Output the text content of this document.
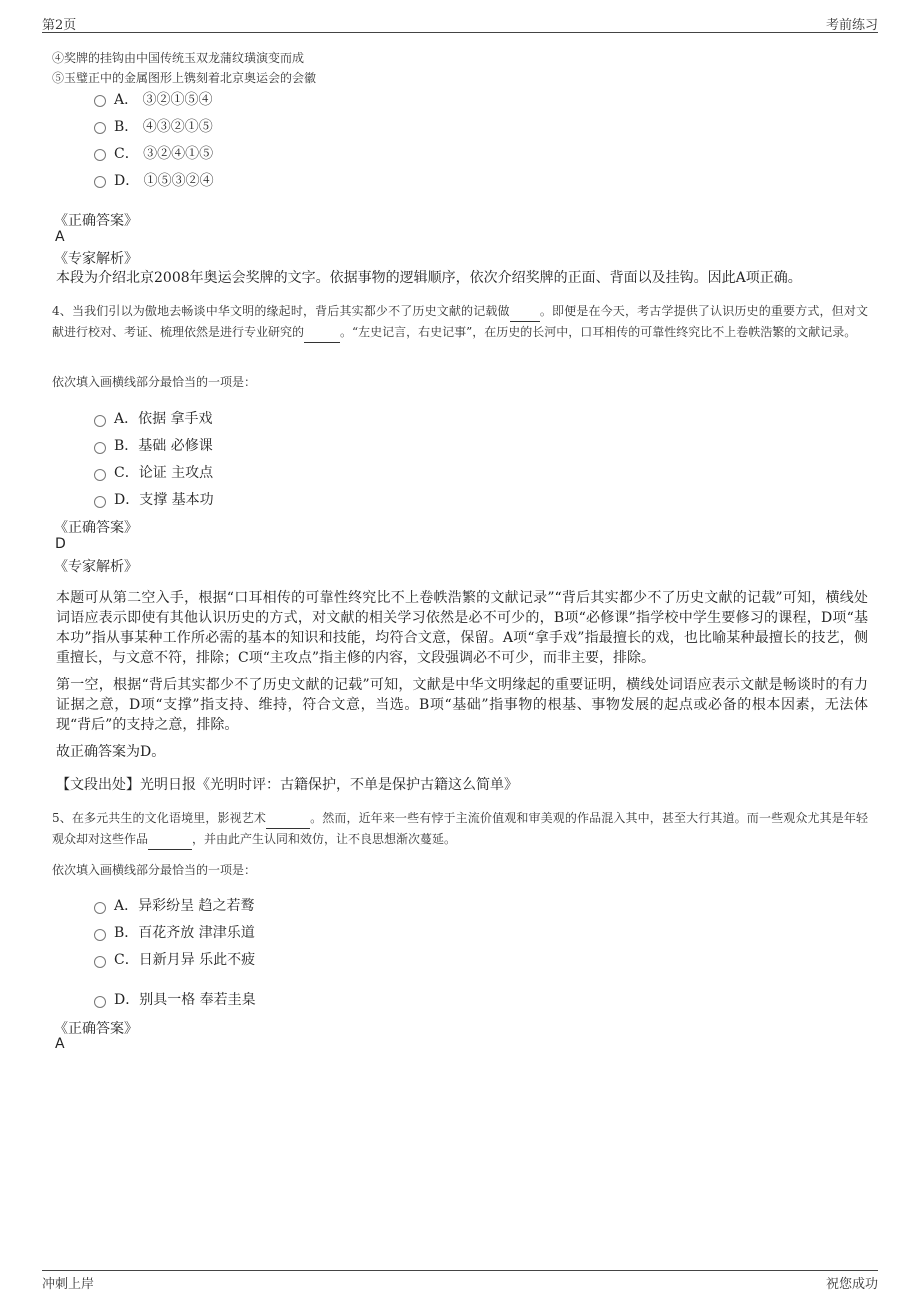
第2页	考前练习
④奖牌的挂钩由中国传统玉双龙蒲纹璜演变而成
⑤玉璧正中的金属图形上镌刻着北京奥运会的会徽
A． ③②①⑤④
B． ④③②①⑤
C． ③②④①⑤
D． ①⑤③②④
《正确答案》
A
《专家解析》
本段为介绍北京2008年奥运会奖牌的文字。依据事物的逻辑顺序，依次介绍奖牌的正面、背面以及挂钩。因此A项正确。
4、当我们引以为傲地去畅谈中华文明的缘起时，背后其实都少不了历史文献的记载做	。即便是在今天，考古学提供了认识历史的重要方式，但对文献进行校对、考证、梳理依然是进行专业研究的	。“左史记言，右史记事”，在历史的长河中，口耳相传的可靠性终究比不上卷帙浩繁的文献记录。
依次填入画横线部分最恰当的一项是：
A．依据 拿手戏
B．基础 必修课
C．论证 主攻点
D．支撑 基本功
《正确答案》
D
《专家解析》
本题可从第二空入手，根据“口耳相传的可靠性终究比不上卷帙浩繁的文献记录”“背后其实都少不了历史文献的记载”可知，横线处词语应表示即使有其他认识历史的方式，对文献的相关学习依然是必不可少的，B项“必修课”指学校中学生要修习的课程，D项“基本功”指从事某种工作所必需的基本的知识和技能，均符合文意，保留。A项“拿手戏”指最擅长的戏，也比喻某种最擅长的技艺，侧重擅长，与文意不符，排除；C项“主攻点”指主修的内容，文段强调必不可少，而非主要，排除。
第一空，根据“背后其实都少不了历史文献的记载”可知，文献是中华文明缘起的重要证明，横线处词语应表示文献是畅谈时的有力证据之意，D项“支撑”指支持、维持，符合文意，当选。B项“基础”指事物的根基、事物发展的起点或必备的根本因素，无法体现“背后”的支持之意，排除。
故正确答案为D。
【文段出处】光明日报《光明时评：古籍保护，不单是保护古籍这么简单》
5、在多元共生的文化语境里，影视艺术	。然而，近年来一些有悖于主流价值观和审美观的作品混入其中，甚至大行其道。而一些观众尤其是年轻观众却对这些作品	，并由此产生认同和效仿，让不良思想渐次蔓延。
依次填入画横线部分最恰当的一项是：
A．异彩纷呈 趋之若鹜
B．百花齐放 津津乐道
C．日新月异 乐此不疲
D．别具一格 奉若圭臬
《正确答案》
A
冲刺上岸	祝您成功
